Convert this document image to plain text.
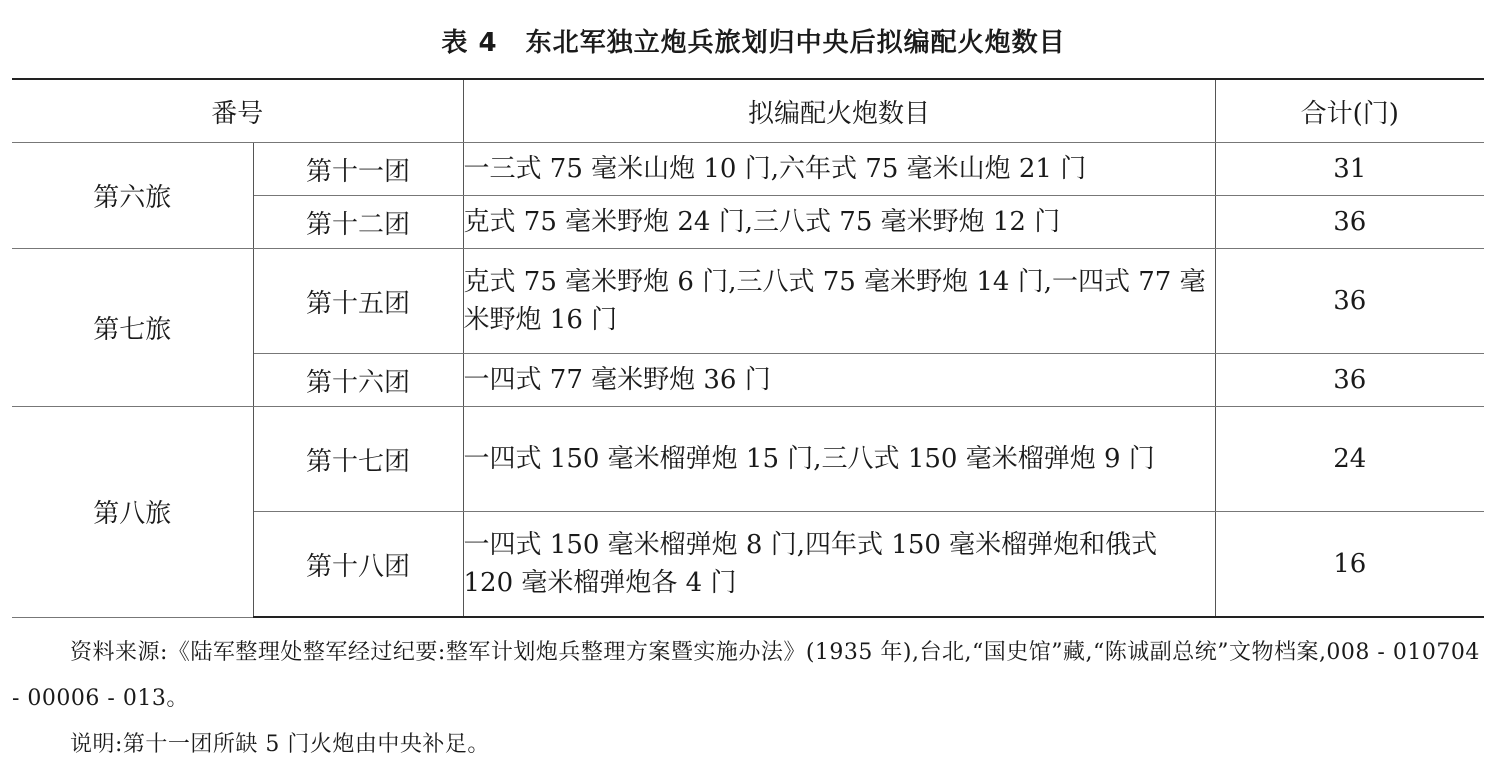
表 4 东北军独立炮兵旅划归中央后拟编配火炮数目
番号		拟编配火炮数目	合计(门)
第六旅	第十一团	一三式 75 毫米山炮 10 门,六年式 75 毫米山炮 21 门	31
	第十二团	克式 75 毫米野炮 24 门,三八式 75 毫米野炮 12 门	36
第七旅	第十五团	克式 75 毫米野炮 6 门,三八式 75 毫米野炮 14 门,一四式 77 毫米野炮 16 门	36
	第十六团	一四式 77 毫米野炮 36 门	36
第八旅	第十七团	一四式 150 毫米榴弹炮 15 门,三八式 150 毫米榴弹炮 9 门	24
	第十八团	一四式 150 毫米榴弹炮 8 门,四年式 150 毫米榴弹炮和俄式 120 毫米榴弹炮各 4 门	16
资料来源:《陆军整理处整军经过纪要:整军计划炮兵整理方案暨实施办法》(1935 年),台北,“国史馆”藏,“陈诚副总统”文物档案,008 - 010704 - 00006 - 013。
说明:第十一团所缺 5 门火炮由中央补足。
